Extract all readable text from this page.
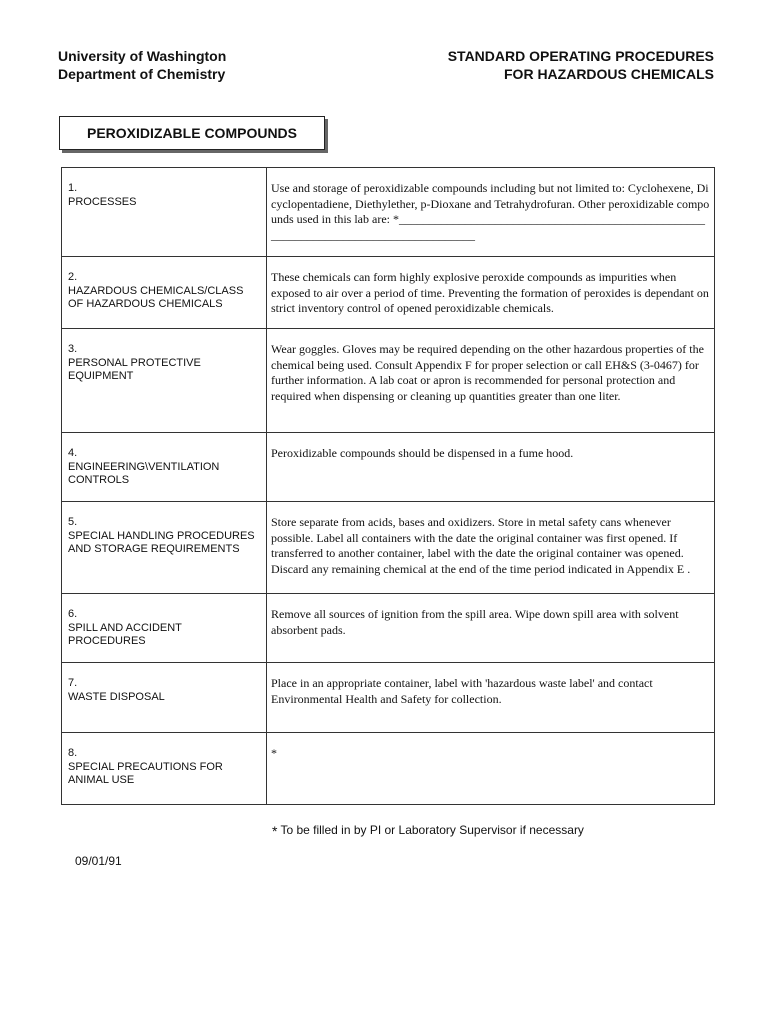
University of Washington
Department of Chemistry
STANDARD OPERATING PROCEDURES
FOR HAZARDOUS CHEMICALS
PEROXIDIZABLE COMPOUNDS
1.
PROCESSES	Use and storage of peroxidizable compounds including but not limited to: Cyclohexene, Dicyclopentadiene, Diethylether, p-Dioxane and Tetrahydrofuran. Other peroxidizable compounds used in this lab are: *_____________________________________________________________________________________

2.
HAZARDOUS CHEMICALS/CLASS OF HAZARDOUS CHEMICALS	These chemicals can form highly explosive peroxide compounds as impurities when exposed to air over a period of time. Preventing the formation of peroxides is dependant on strict inventory control of opened peroxidizable chemicals.

3.
PERSONAL PROTECTIVE EQUIPMENT	Wear goggles. Gloves may be required depending on the other hazardous properties of the chemical being used. Consult Appendix F for proper selection or call EH&S (3-0467) for further information. A lab coat or apron is recommended for personal protection and required when dispensing or cleaning up quantities greater than one liter.

4.
ENGINEERING\VENTILATION CONTROLS	Peroxidizable compounds should be dispensed in a fume hood.

5.
SPECIAL HANDLING PROCEDURES AND STORAGE REQUIREMENTS	Store separate from acids, bases and oxidizers. Store in metal safety cans whenever possible. Label all containers with the date the original container was first opened. If transferred to another container, label with the date the original container was opened. Discard any remaining chemical at the end of the time period indicated in Appendix E .

6.
SPILL AND ACCIDENT PROCEDURES	Remove all sources of ignition from the spill area. Wipe down spill area with solvent absorbent pads.

7.
WASTE DISPOSAL	Place in an appropriate container, label with 'hazardous waste label' and contact Environmental Health and Safety for collection.

8.
SPECIAL PRECAUTIONS FOR ANIMAL USE	*
* To be filled in by PI or Laboratory Supervisor if necessary
09/01/91
